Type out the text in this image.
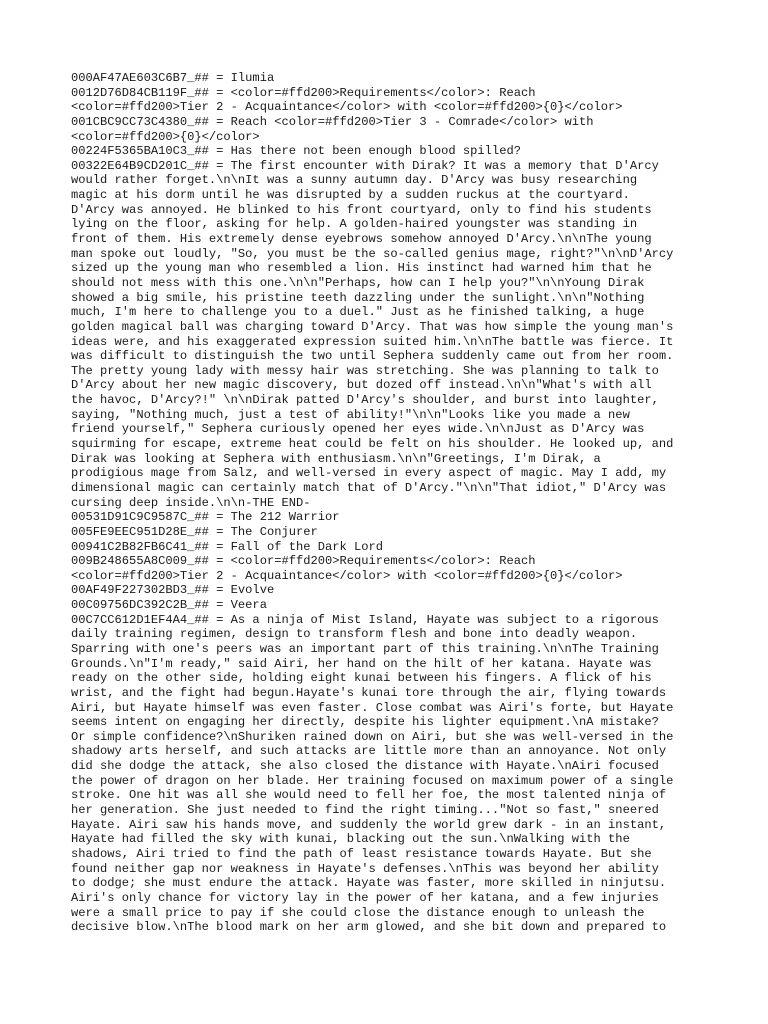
000AF47AE603C6B7_## = Ilumia
0012D76D84CB119F_## = <color=#ffd200>Requirements</color>: Reach
<color=#ffd200>Tier 2 - Acquaintance</color> with <color=#ffd200>{0}</color>
001CBC9CC73C4380_## = Reach <color=#ffd200>Tier 3 - Comrade</color> with
<color=#ffd200>{0}</color>
00224F5365BA10C3_## = Has there not been enough blood spilled?
00322E64B9CD201C_## = The first encounter with Dirak? It was a memory that D'Arcy
would rather forget.\n\nIt was a sunny autumn day. D'Arcy was busy researching
magic at his dorm until he was disrupted by a sudden ruckus at the courtyard.
D'Arcy was annoyed. He blinked to his front courtyard, only to find his students
lying on the floor, asking for help. A golden-haired youngster was standing in
front of them. His extremely dense eyebrows somehow annoyed D'Arcy.\n\nThe young
man spoke out loudly, "So, you must be the so-called genius mage, right?"\n\nD'Arcy
sized up the young man who resembled a lion. His instinct had warned him that he
should not mess with this one.\n\n"Perhaps, how can I help you?"\n\nYoung Dirak
showed a big smile, his pristine teeth dazzling under the sunlight.\n\n"Nothing
much, I'm here to challenge you to a duel." Just as he finished talking, a huge
golden magical ball was charging toward D'Arcy. That was how simple the young man's
ideas were, and his exaggerated expression suited him.\n\nThe battle was fierce. It
was difficult to distinguish the two until Sephera suddenly came out from her room.
The pretty young lady with messy hair was stretching. She was planning to talk to
D'Arcy about her new magic discovery, but dozed off instead.\n\n"What's with all
the havoc, D'Arcy?!" \n\nDirak patted D'Arcy's shoulder, and burst into laughter,
saying, "Nothing much, just a test of ability!"\n\n"Looks like you made a new
friend yourself," Sephera curiously opened her eyes wide.\n\nJust as D'Arcy was
squirming for escape, extreme heat could be felt on his shoulder. He looked up, and
Dirak was looking at Sephera with enthusiasm.\n\n"Greetings, I'm Dirak, a
prodigious mage from Salz, and well-versed in every aspect of magic. May I add, my
dimensional magic can certainly match that of D'Arcy."\n\n"That idiot," D'Arcy was
cursing deep inside.\n\n-THE END-
00531D91C9C9587C_## = The 212 Warrior
005FE9EEC951D28E_## = The Conjurer
00941C2B82FB6C41_## = Fall of the Dark Lord
009B248655A8C009_## = <color=#ffd200>Requirements</color>: Reach
<color=#ffd200>Tier 2 - Acquaintance</color> with <color=#ffd200>{0}</color>
00AF49F227302BD3_## = Evolve
00C09756DC392C2B_## = Veera
00C7CC612D1EF4A4_## = As a ninja of Mist Island, Hayate was subject to a rigorous
daily training regimen, design to transform flesh and bone into deadly weapon.
Sparring with one's peers was an important part of this training.\n\nThe Training
Grounds.\n"I'm ready," said Airi, her hand on the hilt of her katana. Hayate was
ready on the other side, holding eight kunai between his fingers. A flick of his
wrist, and the fight had begun.Hayate's kunai tore through the air, flying towards
Airi, but Hayate himself was even faster. Close combat was Airi's forte, but Hayate
seems intent on engaging her directly, despite his lighter equipment.\nA mistake?
Or simple confidence?\nShuriken rained down on Airi, but she was well-versed in the
shadowy arts herself, and such attacks are little more than an annoyance. Not only
did she dodge the attack, she also closed the distance with Hayate.\nAiri focused
the power of dragon on her blade. Her training focused on maximum power of a single
stroke. One hit was all she would need to fell her foe, the most talented ninja of
her generation. She just needed to find the right timing..."Not so fast," sneered
Hayate. Airi saw his hands move, and suddenly the world grew dark - in an instant,
Hayate had filled the sky with kunai, blacking out the sun.\nWalking with the
shadows, Airi tried to find the path of least resistance towards Hayate. But she
found neither gap nor weakness in Hayate's defenses.\nThis was beyond her ability
to dodge; she must endure the attack. Hayate was faster, more skilled in ninjutsu.
Airi's only chance for victory lay in the power of her katana, and a few injuries
were a small price to pay if she could close the distance enough to unleash the
decisive blow.\nThe blood mark on her arm glowed, and she bit down and prepared to
